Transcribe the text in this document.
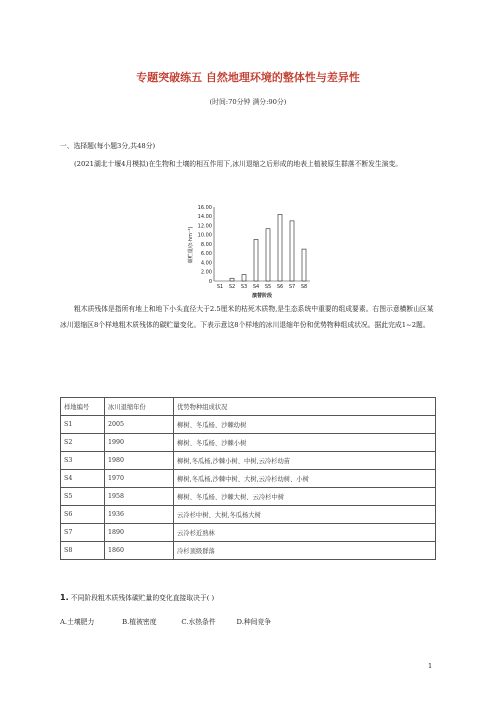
专题突破练五 自然地理环境的整体性与差异性
(时间:70分钟 满分:90分)
一、选择题(每小题3分,共48分)
(2021湖北十堰4月模拟)在生物和土壤的相互作用下,冰川退缩之后形成的地表上植被原生群落不断发生演变。
0
2.00
4.00
6.00
8.00
10.00
12.00
14.00
16.00
S1 S2 S3 S4 S5 S6 S7 S8
碳贮量/(t·hm⁻²)
演替阶段
粗木质残体是指所有地上和地下小头直径大于2.5厘米的枯死木质物,是生态系统中重要的组成要素。右图示意横断山区某冰川退缩区8个样地粗木质残体的碳贮量变化。下表示意这8个样地的冰川退缩年份和优势物种组成状况。据此完成1~2题。
样地编号	冰川退缩年份	优势物种组成状况
S1	2005	柳树、冬瓜杨、沙棘幼树
S2	1990	柳树、冬瓜杨、沙棘小树
S3	1980	柳树,冬瓜杨,沙棘小树、中树,云冷杉幼苗
S4	1970	柳树,冬瓜杨,沙棘中树、大树,云冷杉幼树、小树
S5	1958	柳树、冬瓜杨、沙棘大树、云冷杉中树
S6	1936	云冷杉中树、大树,冬瓜杨大树
S7	1890	云冷杉近熟林
S8	1860	冷杉顶级群落
1. 不同阶段粗木质残体碳贮量的变化直接取决于( )
A.土壤肥力	B.植被密度	C.水热条件	D.种间竞争
1
